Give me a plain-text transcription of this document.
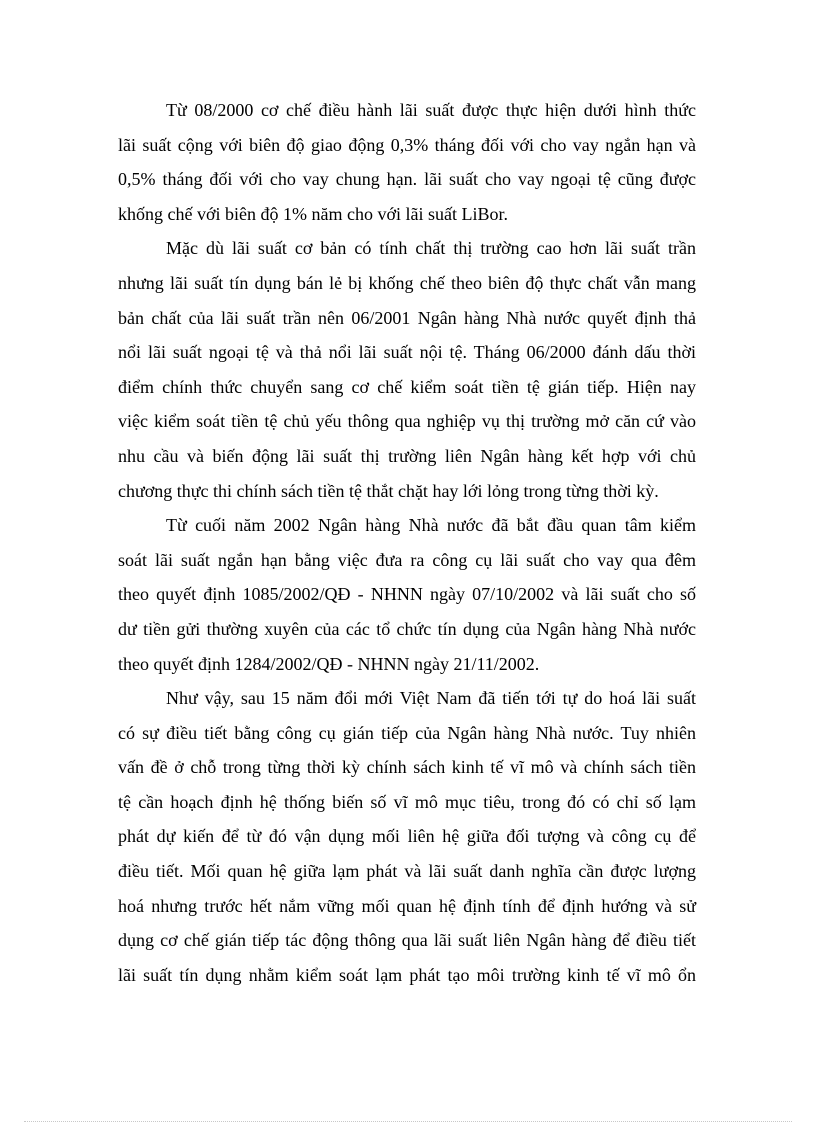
Từ 08/2000 cơ chế điều hành lãi suất được thực hiện dưới hình thức
lãi suất cộng với biên độ giao động 0,3% tháng đối với cho vay ngắn hạn và
0,5% tháng đối với cho vay chung hạn. lãi suất cho vay ngoại tệ cũng được
khống chế với biên độ 1% năm cho với lãi suất LiBor.

Mặc dù lãi suất cơ bản có tính chất thị trường cao hơn lãi suất trần
nhưng lãi suất tín dụng bán lẻ bị khống chế theo biên độ thực chất vẫn mang
bản chất của lãi suất trần nên 06/2001 Ngân hàng Nhà nước quyết định thả
nổi lãi suất ngoại tệ và thả nổi lãi suất nội tệ. Tháng 06/2000 đánh dấu thời
điểm chính thức chuyển sang cơ chế kiểm soát tiền tệ gián tiếp. Hiện nay
việc kiểm soát tiền tệ chủ yếu thông qua nghiệp vụ thị trường mở căn cứ vào
nhu cầu và biến động lãi suất thị trường liên Ngân hàng kết hợp với chủ
chương thực thi chính sách tiền tệ thắt chặt hay lới lỏng trong từng thời kỳ.

Từ cuối năm 2002 Ngân hàng Nhà nước đã bắt đầu quan tâm kiểm
soát lãi suất ngắn hạn bằng việc đưa ra công cụ lãi suất cho vay qua đêm
theo quyết định 1085/2002/QĐ - NHNN ngày 07/10/2002 và lãi suất cho số
dư tiền gửi thường xuyên của các tổ chức tín dụng của Ngân hàng Nhà nước
theo quyết định 1284/2002/QĐ - NHNN ngày 21/11/2002.

Như vậy, sau 15 năm đổi mới Việt Nam đã tiến tới tự do hoá lãi suất
có sự điều tiết bằng công cụ gián tiếp của Ngân hàng Nhà nước. Tuy nhiên
vấn đề ở chỗ trong từng thời kỳ chính sách kinh tế vĩ mô và chính sách tiền
tệ cần hoạch định hệ thống biến số vĩ mô mục tiêu, trong đó có chỉ số lạm
phát dự kiến để từ đó vận dụng mối liên hệ giữa đối tượng và công cụ để
điều tiết. Mối quan hệ giữa lạm phát và lãi suất danh nghĩa cần được lượng
hoá nhưng trước hết nắm vững mối quan hệ định tính để định hướng và sử
dụng cơ chế gián tiếp tác động thông qua lãi suất liên Ngân hàng để điều tiết
lãi suất tín dụng nhằm kiểm soát lạm phát tạo môi trường kinh tế vĩ mô ổn
